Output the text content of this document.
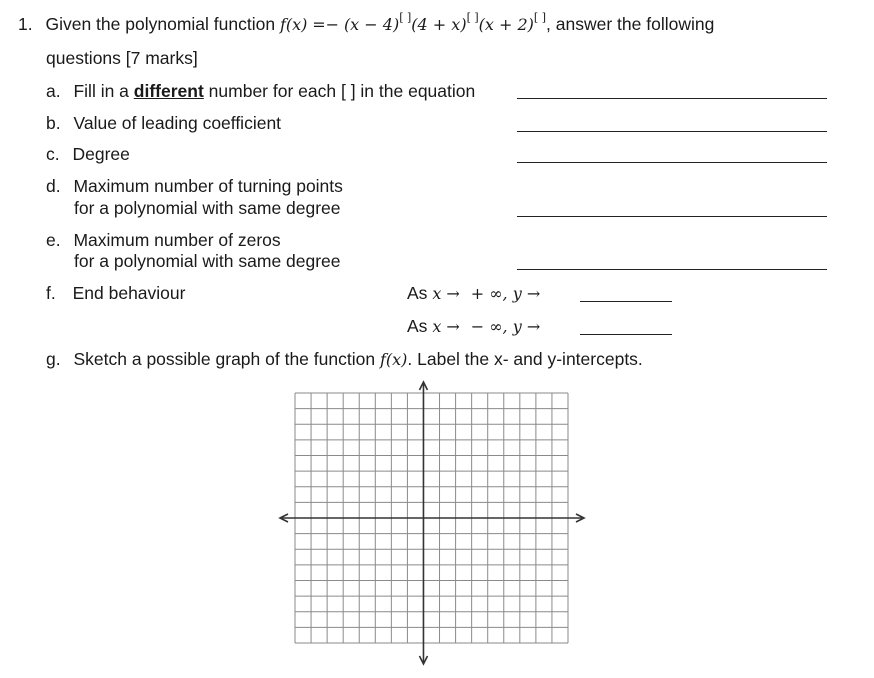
1. Given the polynomial function f(x) =− (x − 4)[ ](4 + x)[ ](x + 2)[ ], answer the following
questions [7 marks]
a. Fill in a different number for each [ ] in the equation
b. Value of leading coefficient
c. Degree
d. Maximum number of turning points
for a polynomial with same degree
e. Maximum number of zeros
for a polynomial with same degree
f. End behaviour	As x → + ∞, y →
As x → − ∞, y →
g. Sketch a possible graph of the function f(x). Label the x- and y-intercepts.
